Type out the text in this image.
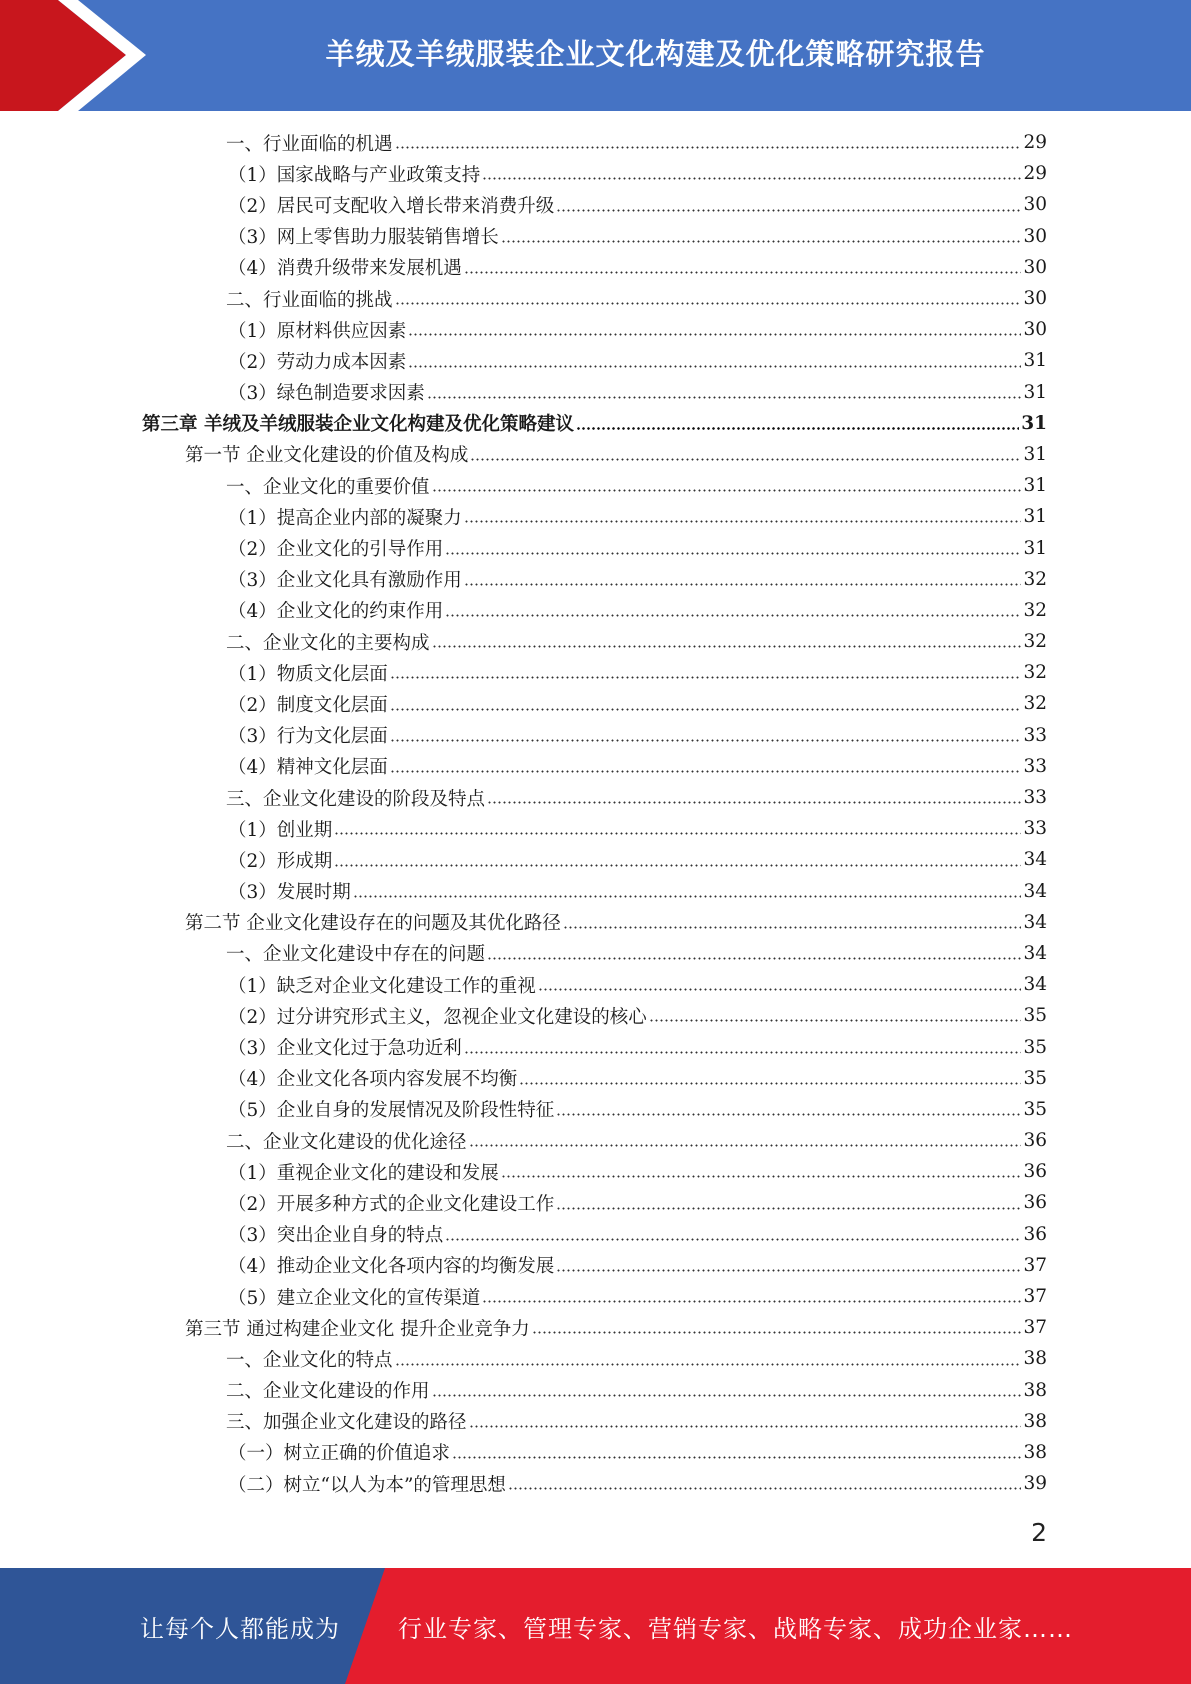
羊绒及羊绒服装企业文化构建及优化策略研究报告
一、行业面临的机遇	29
（1）国家战略与产业政策支持	29
（2）居民可支配收入增长带来消费升级	30
（3）网上零售助力服装销售增长	30
（4）消费升级带来发展机遇	30
二、行业面临的挑战	30
（1）原材料供应因素	30
（2）劳动力成本因素	31
（3）绿色制造要求因素	31
第三章 羊绒及羊绒服装企业文化构建及优化策略建议	31
第一节 企业文化建设的价值及构成	31
一、企业文化的重要价值	31
（1）提高企业内部的凝聚力	31
（2）企业文化的引导作用	31
（3）企业文化具有激励作用	32
（4）企业文化的约束作用	32
二、企业文化的主要构成	32
（1）物质文化层面	32
（2）制度文化层面	32
（3）行为文化层面	33
（4）精神文化层面	33
三、企业文化建设的阶段及特点	33
（1）创业期	33
（2）形成期	34
（3）发展时期	34
第二节 企业文化建设存在的问题及其优化路径	34
一、企业文化建设中存在的问题	34
（1）缺乏对企业文化建设工作的重视	34
（2）过分讲究形式主义，忽视企业文化建设的核心	35
（3）企业文化过于急功近利	35
（4）企业文化各项内容发展不均衡	35
（5）企业自身的发展情况及阶段性特征	35
二、企业文化建设的优化途径	36
（1）重视企业文化的建设和发展	36
（2）开展多种方式的企业文化建设工作	36
（3）突出企业自身的特点	36
（4）推动企业文化各项内容的均衡发展	37
（5）建立企业文化的宣传渠道	37
第三节 通过构建企业文化 提升企业竞争力	37
一、企业文化的特点	38
二、企业文化建设的作用	38
三、加强企业文化建设的路径	38
（一）树立正确的价值追求	38
（二）树立“以人为本”的管理思想	39
2
让每个人都能成为 行业专家、管理专家、营销专家、战略专家、成功企业家……
